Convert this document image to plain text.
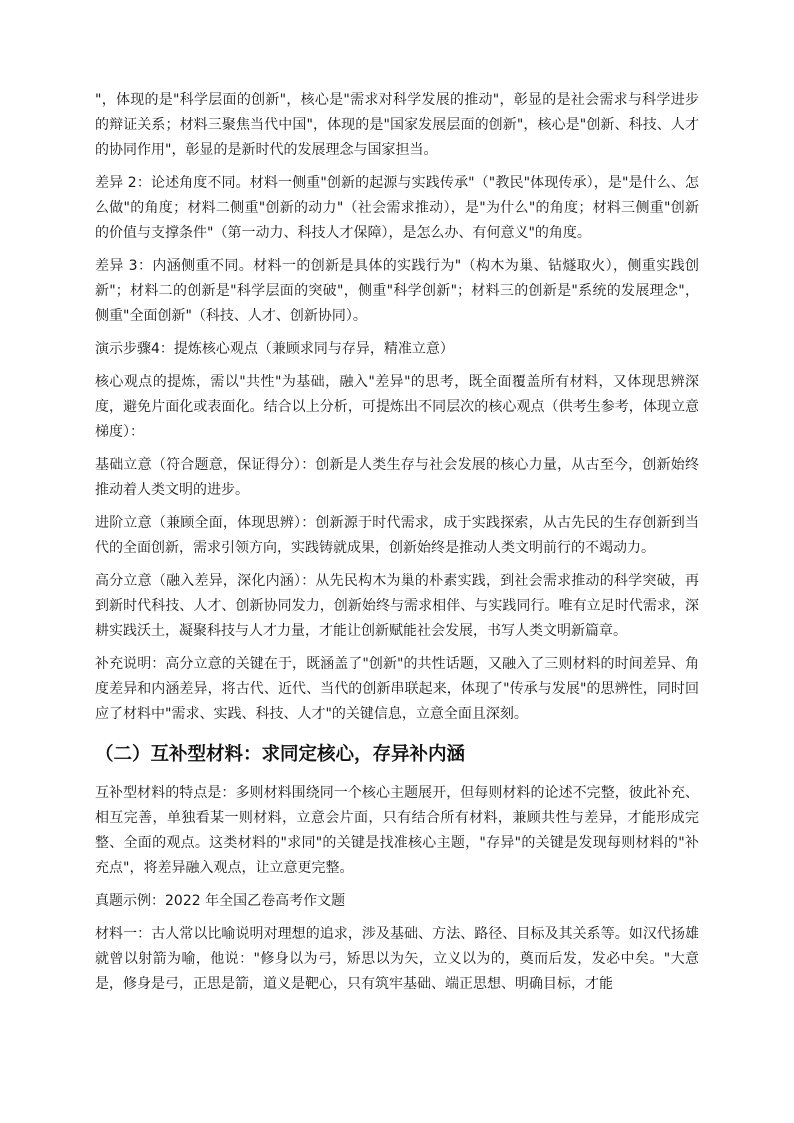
"，体现的是"科学层面的创新"，核心是"需求对科学发展的推动"，彰显的是社会需求与科学进步的辩证关系；材料三聚焦当代中国"，体现的是"国家发展层面的创新"，核心是"创新、科技、人才的协同作用"，彰显的是新时代的发展理念与国家担当。

差异 2：论述角度不同。材料一侧重"创新的起源与实践传承"（"教民"体现传承），是"是什么、怎么做"的角度；材料二侧重"创新的动力"（社会需求推动），是"为什么"的角度；材料三侧重"创新的价值与支撑条件"（第一动力、科技人才保障），是怎么办、有何意义"的角度。

差异 3：内涵侧重不同。材料一的创新是具体的实践行为"（构木为巢、钻燧取火），侧重实践创新"；材料二的创新是"科学层面的突破"，侧重"科学创新"；材料三的创新是"系统的发展理念"，侧重"全面创新"（科技、人才、创新协同）。

演示步骤4：提炼核心观点（兼顾求同与存异，精准立意）

核心观点的提炼，需以"共性"为基础，融入"差异"的思考，既全面覆盖所有材料，又体现思辨深度，避免片面化或表面化。结合以上分析，可提炼出不同层次的核心观点（供考生参考，体现立意梯度）：

基础立意（符合题意，保证得分）：创新是人类生存与社会发展的核心力量，从古至今，创新始终推动着人类文明的进步。

进阶立意（兼顾全面，体现思辨）：创新源于时代需求，成于实践探索，从古先民的生存创新到当代的全面创新，需求引领方向，实践铸就成果，创新始终是推动人类文明前行的不竭动力。

高分立意（融入差异，深化内涵）：从先民构木为巢的朴素实践，到社会需求推动的科学突破，再到新时代科技、人才、创新协同发力，创新始终与需求相伴、与实践同行。唯有立足时代需求，深耕实践沃土，凝聚科技与人才力量，才能让创新赋能社会发展，书写人类文明新篇章。

补充说明：高分立意的关键在于，既涵盖了"创新"的共性话题，又融入了三则材料的时间差异、角度差异和内涵差异，将古代、近代、当代的创新串联起来，体现了"传承与发展"的思辨性，同时回应了材料中"需求、实践、科技、人才"的关键信息，立意全面且深刻。

（二）互补型材料：求同定核心，存异补内涵

互补型材料的特点是：多则材料围绕同一个核心主题展开，但每则材料的论述不完整，彼此补充、相互完善，单独看某一则材料，立意会片面，只有结合所有材料，兼顾共性与差异，才能形成完整、全面的观点。这类材料的"求同"的关键是找准核心主题，"存异"的关键是发现每则材料的"补充点"，将差异融入观点，让立意更完整。

真题示例：2022 年全国乙卷高考作文题

材料一：古人常以比喻说明对理想的追求，涉及基础、方法、路径、目标及其关系等。如汉代扬雄就曾以射箭为喻，他说："修身以为弓，矫思以为矢，立义以为的，奠而后发，发必中矣。"大意是，修身是弓，正思是箭，道义是靶心，只有筑牢基础、端正思想、明确目标，才能
